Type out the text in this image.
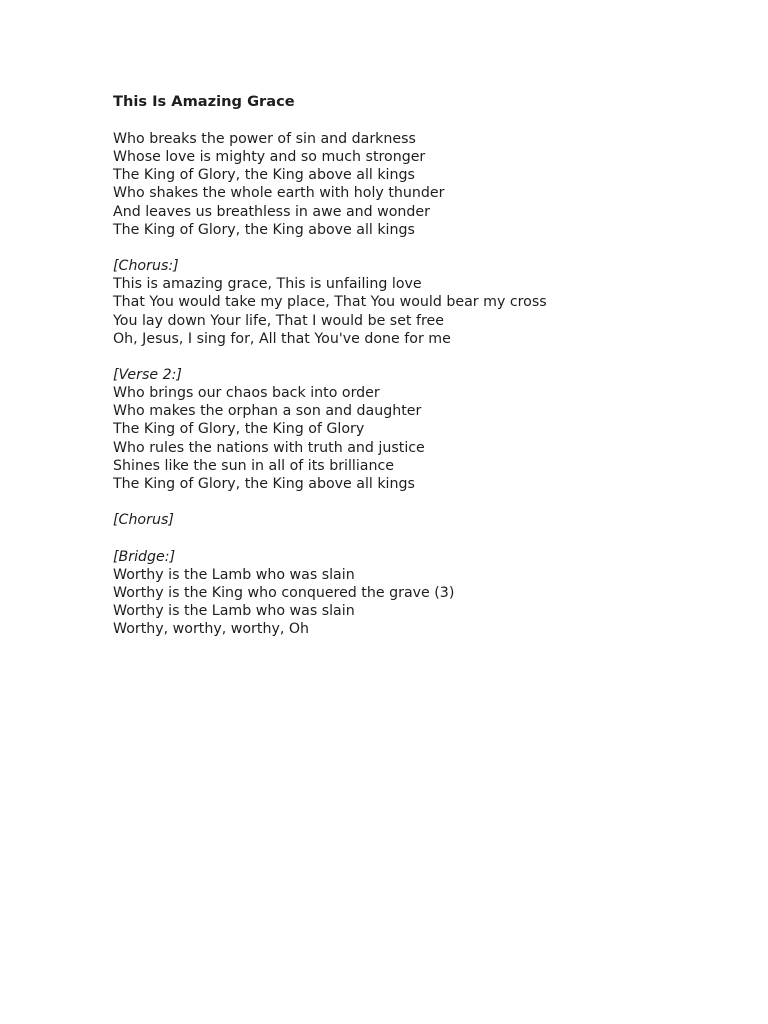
This Is Amazing Grace
Who breaks the power of sin and darkness
Whose love is mighty and so much stronger
The King of Glory, the King above all kings
Who shakes the whole earth with holy thunder
And leaves us breathless in awe and wonder
The King of Glory, the King above all kings
[Chorus:]
This is amazing grace, This is unfailing love
That You would take my place, That You would bear my cross
You lay down Your life, That I would be set free
Oh, Jesus, I sing for, All that You've done for me
[Verse 2:]
Who brings our chaos back into order
Who makes the orphan a son and daughter
The King of Glory, the King of Glory
Who rules the nations with truth and justice
Shines like the sun in all of its brilliance
The King of Glory, the King above all kings
[Chorus]
[Bridge:]
Worthy is the Lamb who was slain
Worthy is the King who conquered the grave (3)
Worthy is the Lamb who was slain
Worthy, worthy, worthy, Oh
